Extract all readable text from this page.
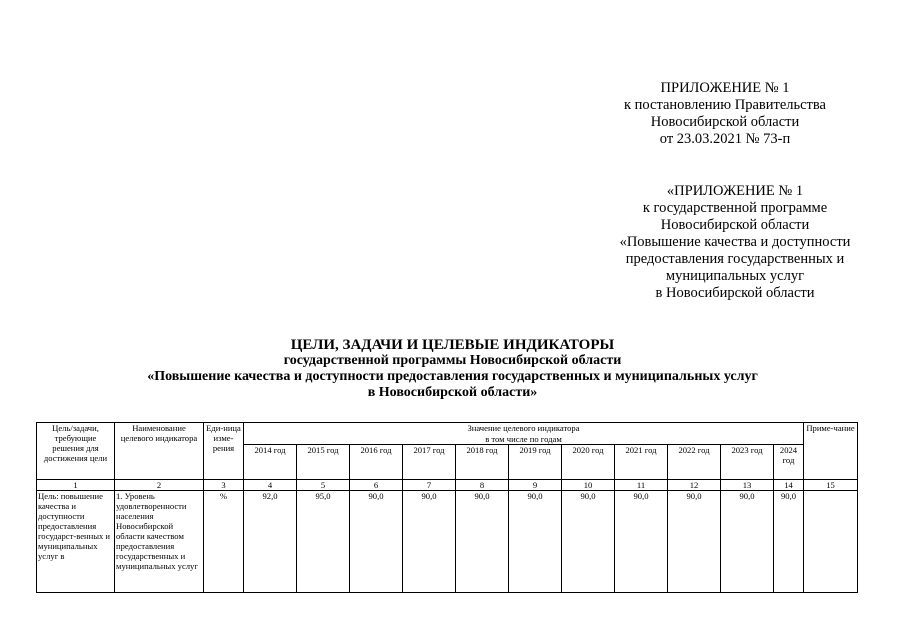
ПРИЛОЖЕНИЕ № 1
к постановлению Правительства
Новосибирской области
от 23.03.2021 № 73-п
«ПРИЛОЖЕНИЕ № 1
к государственной программе
Новосибирской области
«Повышение качества и доступности
предоставления государственных и
муниципальных услуг
в Новосибирской области
ЦЕЛИ, ЗАДАЧИ И ЦЕЛЕВЫЕ ИНДИКАТОРЫ
государственной программы Новосибирской области
«Повышение качества и доступности предоставления государственных и муниципальных услуг
в Новосибирской области»
Цель/задачи, требующие решения для достижения цели	Наименование целевого индикатора	Еди-ница изме-рения	Значение целевого индикатора											Приме-чание
			в том числе по годам											
			2014 год	2015 год	2016 год	2017 год	2018 год	2019 год	2020 год	2021 год	2022 год	2023 год	2024 год	
1	2	3	4	5	6	7	8	9	10	11	12	13	14	15
Цель: повышение качества и доступности предоставления государст-венных и муниципальных услуг в	1. Уровень удовлетворенности населения Новосибирской области качеством предоставления государственных и муниципальных услуг	%	92,0	95,0	90,0	90,0	90,0	90,0	90,0	90,0	90,0	90,0	90,0	
